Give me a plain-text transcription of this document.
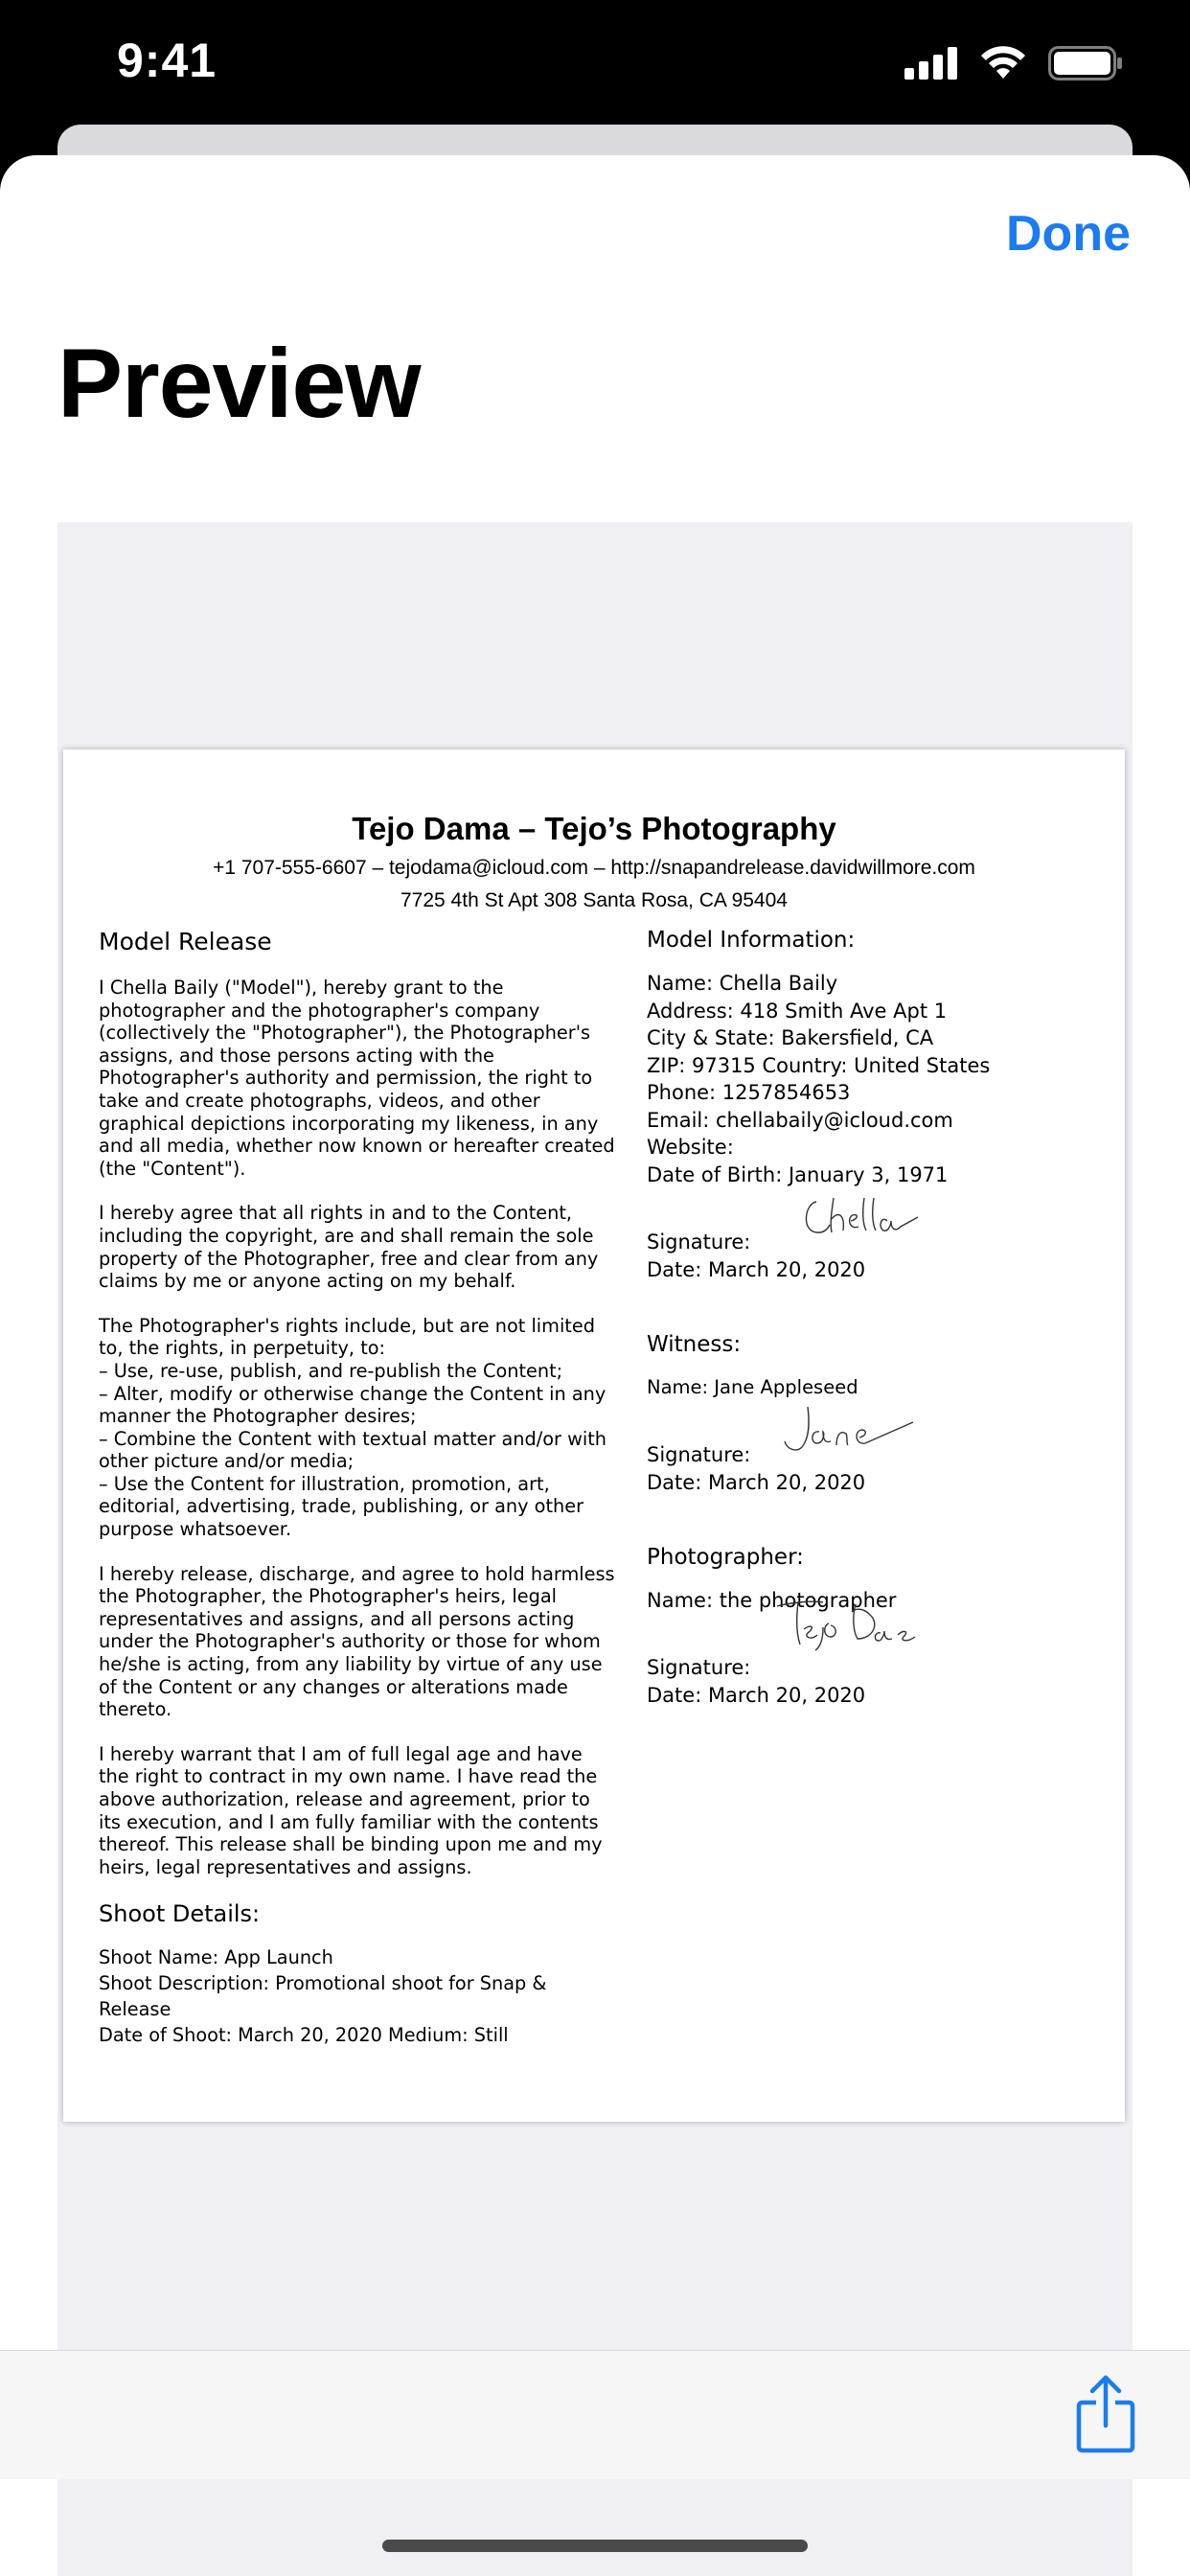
9:41
Done
Preview
Tejo Dama – Tejo’s Photography
+1 707-555-6607 – tejodama@icloud.com – http://snapandrelease.davidwillmore.com
7725 4th St Apt 308 Santa Rosa, CA 95404
Model Release

I Chella Baily ("Model"), hereby grant to the photographer and the photographer's company (collectively the "Photographer"), the Photographer's assigns, and those persons acting with the Photographer's authority and permission, the right to take and create photographs, videos, and other graphical depictions incorporating my likeness, in any and all media, whether now known or hereafter created (the "Content").

I hereby agree that all rights in and to the Content, including the copyright, are and shall remain the sole property of the Photographer, free and clear from any claims by me or anyone acting on my behalf.

The Photographer's rights include, but are not limited to, the rights, in perpetuity, to:
– Use, re-use, publish, and re-publish the Content;
– Alter, modify or otherwise change the Content in any manner the Photographer desires;
– Combine the Content with textual matter and/or with other picture and/or media;
– Use the Content for illustration, promotion, art, editorial, advertising, trade, publishing, or any other purpose whatsoever.

I hereby release, discharge, and agree to hold harmless the Photographer, the Photographer's heirs, legal representatives and assigns, and all persons acting under the Photographer's authority or those for whom he/she is acting, from any liability by virtue of any use of the Content or any changes or alterations made thereto.

I hereby warrant that I am of full legal age and have the right to contract in my own name. I have read the above authorization, release and agreement, prior to its execution, and I am fully familiar with the contents thereof. This release shall be binding upon me and my heirs, legal representatives and assigns.

Shoot Details:
Shoot Name: App Launch
Shoot Description: Promotional shoot for Snap & Release
Date of Shoot: March 20, 2020 Medium: Still
Model Information:
Name: Chella Baily
Address: 418 Smith Ave Apt 1
City & State: Bakersfield, CA
ZIP: 97315 Country: United States
Phone: 1257854653
Email: chellabaily@icloud.com
Website:
Date of Birth: January 3, 1971
Signature:
Date: March 20, 2020
Witness:
Name: Jane Appleseed
Signature:
Date: March 20, 2020
Photographer:
Name: the photographer
Signature:
Date: March 20, 2020
